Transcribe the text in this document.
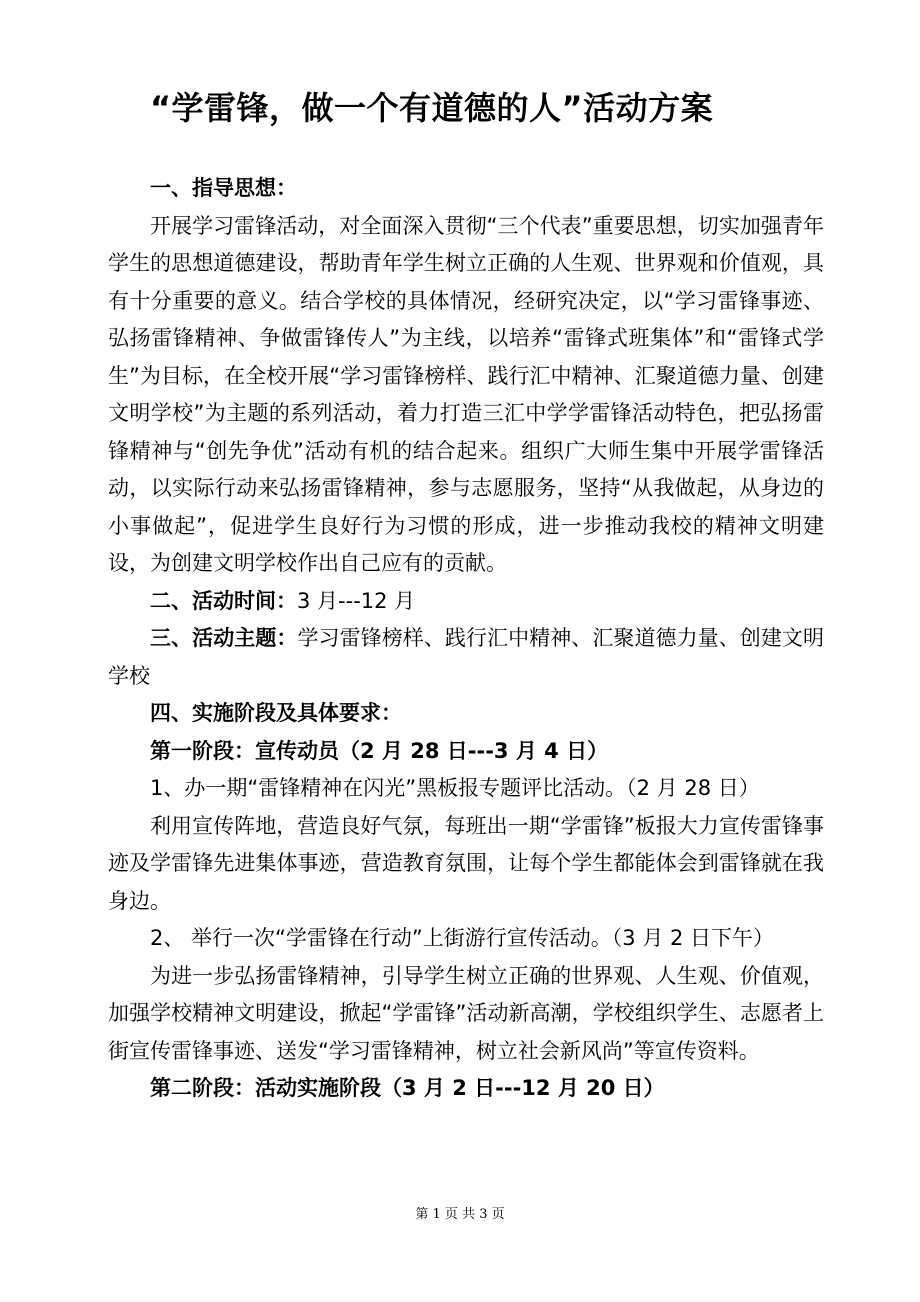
“学雷锋，做一个有道德的人”活动方案

一、指导思想：

开展学习雷锋活动，对全面深入贯彻“三个代表”重要思想，切实加强青年学生的思想道德建设，帮助青年学生树立正确的人生观、世界观和价值观，具有十分重要的意义。结合学校的具体情况，经研究决定，以“学习雷锋事迹、弘扬雷锋精神、争做雷锋传人”为主线，以培养“雷锋式班集体”和“雷锋式学生”为目标，在全校开展“学习雷锋榜样、践行汇中精神、汇聚道德力量、创建文明学校”为主题的系列活动，着力打造三汇中学学雷锋活动特色，把弘扬雷锋精神与“创先争优”活动有机的结合起来。组织广大师生集中开展学雷锋活动，以实际行动来弘扬雷锋精神，参与志愿服务，坚持“从我做起，从身边的小事做起”，促进学生良好行为习惯的形成，进一步推动我校的精神文明建设，为创建文明学校作出自己应有的贡献。

二、活动时间：3 月---12 月

三、活动主题：学习雷锋榜样、践行汇中精神、汇聚道德力量、创建文明学校

四、实施阶段及具体要求：

第一阶段：宣传动员（2 月 28 日---3 月 4 日）

1、办一期“雷锋精神在闪光”黑板报专题评比活动。（2 月 28 日）

利用宣传阵地，营造良好气氛，每班出一期“学雷锋”板报大力宣传雷锋事迹及学雷锋先进集体事迹，营造教育氛围，让每个学生都能体会到雷锋就在我身边。

2、 举行一次“学雷锋在行动”上街游行宣传活动。（3 月 2 日下午）

为进一步弘扬雷锋精神，引导学生树立正确的世界观、人生观、价值观，加强学校精神文明建设，掀起“学雷锋”活动新高潮，学校组织学生、志愿者上街宣传雷锋事迹、送发“学习雷锋精神，树立社会新风尚”等宣传资料。

第二阶段：活动实施阶段（3 月 2 日---12 月 20 日）

第 1 页 共 3 页
